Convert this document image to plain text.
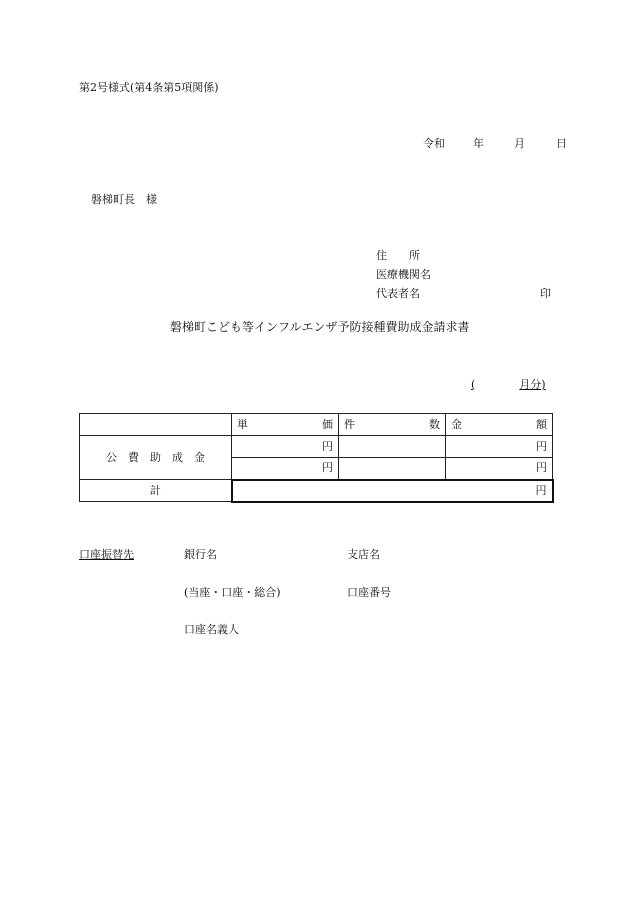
第2号様式(第4条第5項関係)
令和	年	月	日
磐梯町長　様
住　　所
医療機関名
代表者名	印
磐梯町こども等インフルエンザ予防接種費助成金請求書
(	月分)

	単 価	件 数	金 額

公　費　助　成　金	円		円
	円		円
計	円		
口座振替先	銀行名	支店名
(当座・口座・総合)	口座番号
口座名義人
